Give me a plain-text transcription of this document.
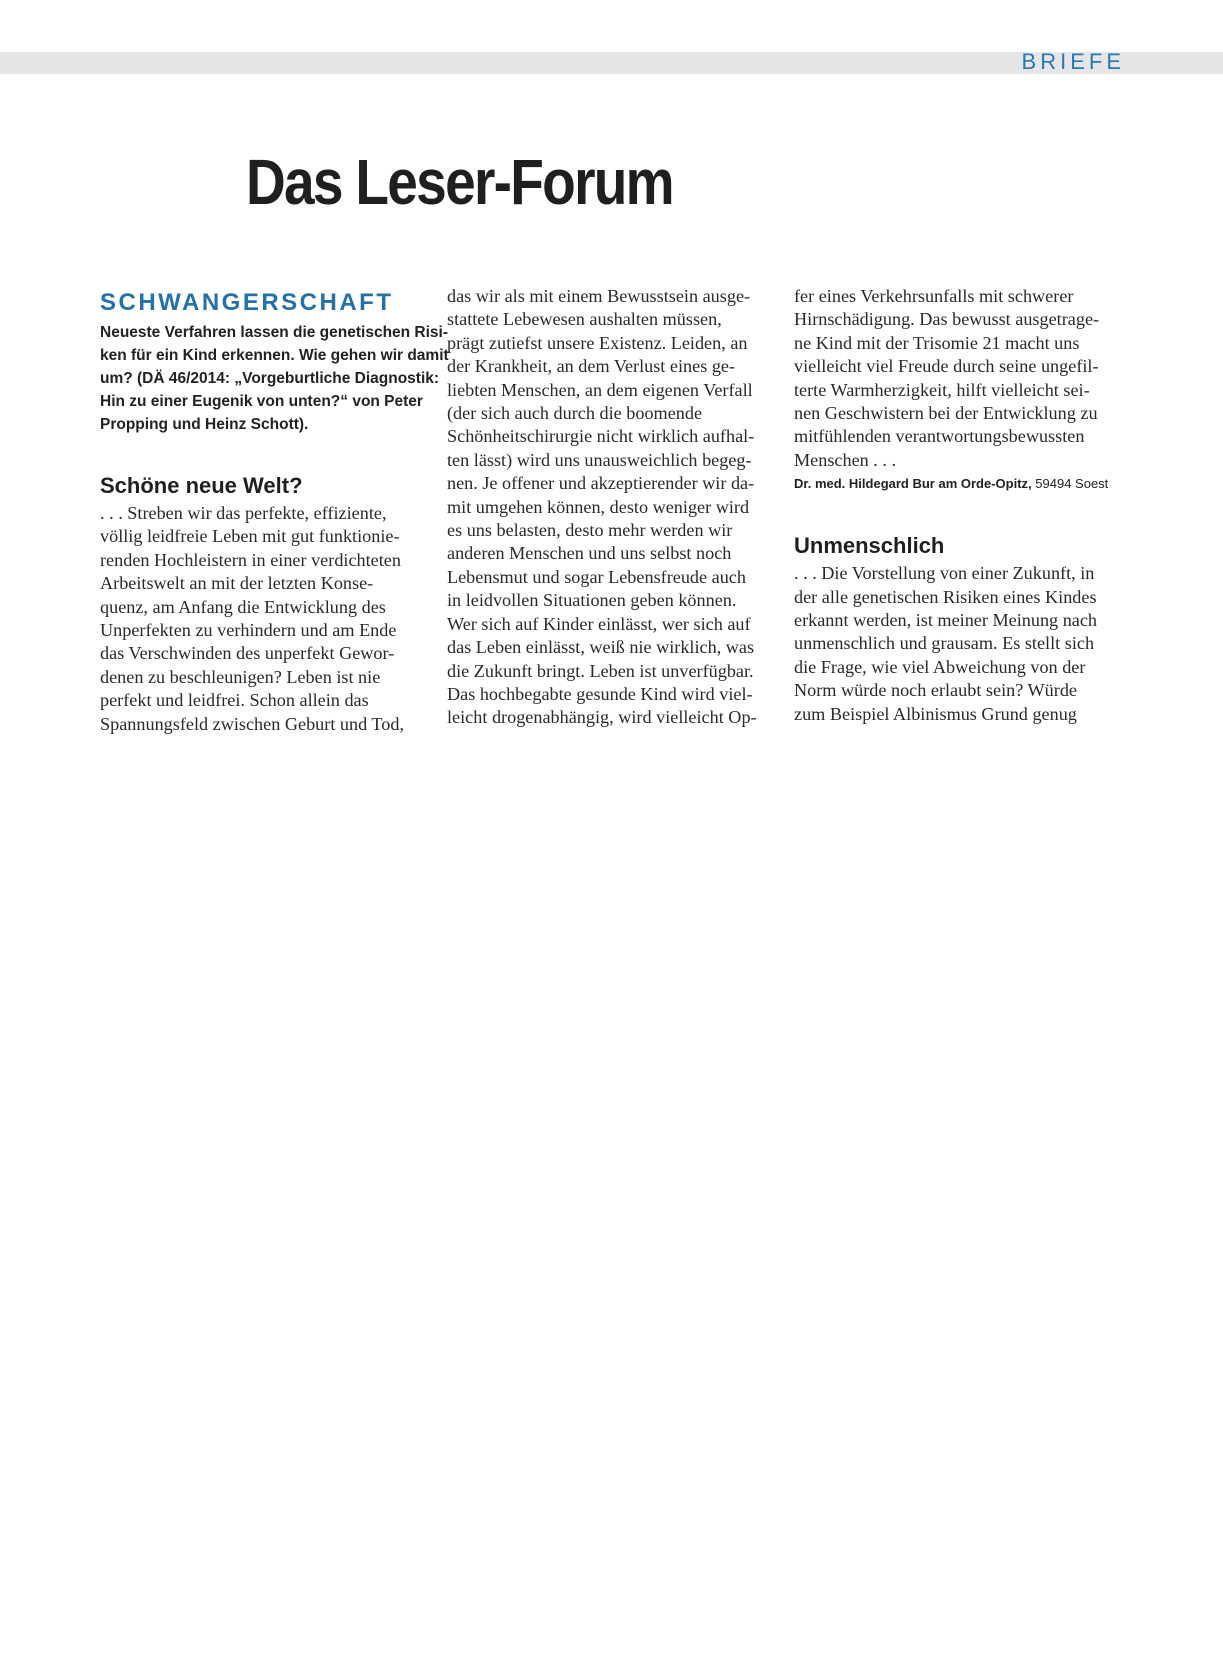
BRIEFE
Das Leser-Forum
SCHWANGERSCHAFT

Neueste Verfahren lassen die genetischen Risi-
ken für ein Kind erkennen. Wie gehen wir damit
um? (DÄ 46/2014: „Vorgeburtliche Diagnostik:
Hin zu einer Eugenik von unten?“ von Peter
Propping und Heinz Schott).

Schöne neue Welt?

. . . Streben wir das perfekte, effiziente,
völlig leidfreie Leben mit gut funktionie-
renden Hochleistern in einer verdichteten
Arbeitswelt an mit der letzten Konse-
quenz, am Anfang die Entwicklung des
Unperfekten zu verhindern und am Ende
das Verschwinden des unperfekt Gewor-
denen zu beschleunigen? Leben ist nie
perfekt und leidfrei. Schon allein das
Spannungsfeld zwischen Geburt und Tod,

das wir als mit einem Bewusstsein ausge-
stattete Lebewesen aushalten müssen,
prägt zutiefst unsere Existenz. Leiden, an
der Krankheit, an dem Verlust eines ge-
liebten Menschen, an dem eigenen Verfall
(der sich auch durch die boomende
Schönheitschirurgie nicht wirklich aufhal-
ten lässt) wird uns unausweichlich begeg-
nen. Je offener und akzeptierender wir da-
mit umgehen können, desto weniger wird
es uns belasten, desto mehr werden wir
anderen Menschen und uns selbst noch
Lebensmut und sogar Lebensfreude auch
in leidvollen Situationen geben können.
Wer sich auf Kinder einlässt, wer sich auf
das Leben einlässt, weiß nie wirklich, was
die Zukunft bringt. Leben ist unverfügbar.
Das hochbegabte gesunde Kind wird viel-
leicht drogenabhängig, wird vielleicht Op-

fer eines Verkehrsunfalls mit schwerer
Hirnschädigung. Das bewusst ausgetrage-
ne Kind mit der Trisomie 21 macht uns
vielleicht viel Freude durch seine ungefil-
terte Warmherzigkeit, hilft vielleicht sei-
nen Geschwistern bei der Entwicklung zu
mitfühlenden verantwortungsbewussten
Menschen . . .

Dr. med. Hildegard Bur am Orde-Opitz, 59494 Soest

Unmenschlich

. . . Die Vorstellung von einer Zukunft, in
der alle genetischen Risiken eines Kindes
erkannt werden, ist meiner Meinung nach
unmenschlich und grausam. Es stellt sich
die Frage, wie viel Abweichung von der
Norm würde noch erlaubt sein? Würde
zum Beispiel Albinismus Grund genug
